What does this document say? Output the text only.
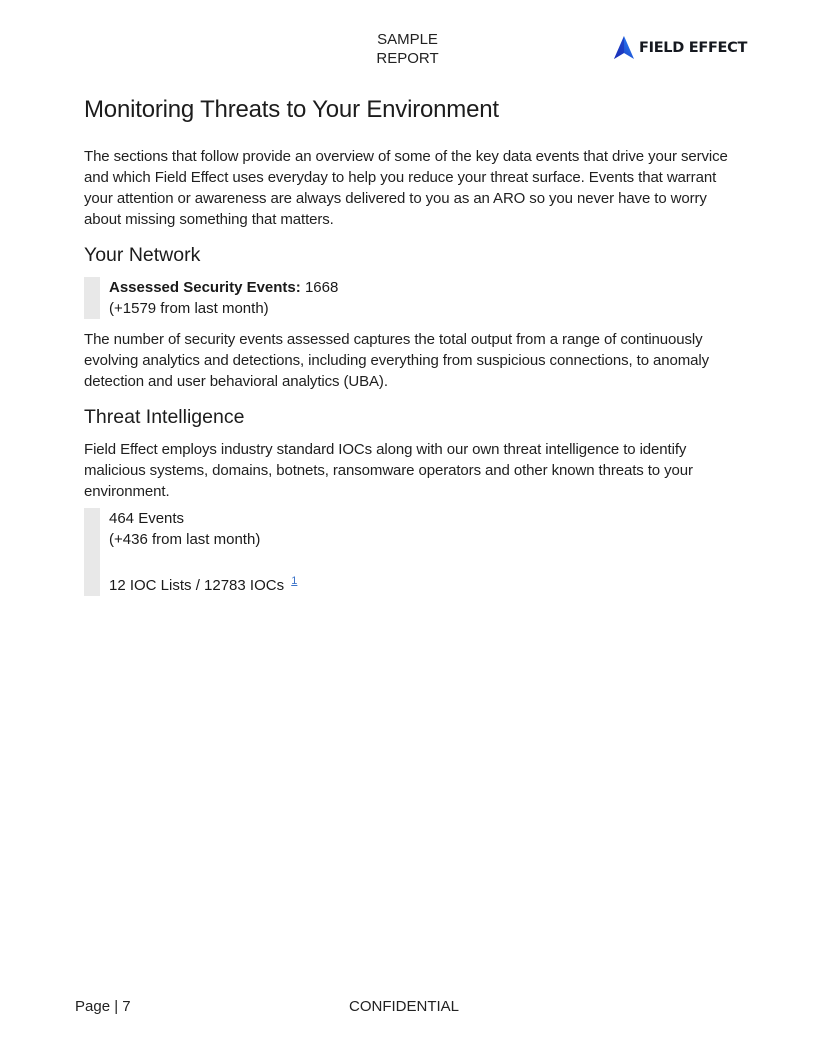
SAMPLE
REPORT
FIELD EFFECT
Monitoring Threats to Your Environment

The sections that follow provide an overview of some of the key data events that drive your service and which Field Effect uses everyday to help you reduce your threat surface. Events that warrant your attention or awareness are always delivered to you as an ARO so you never have to worry about missing something that matters.

Your Network
Assessed Security Events: 1668
(+1579 from last month)

The number of security events assessed captures the total output from a range of continuously evolving analytics and detections, including everything from suspicious connections, to anomaly detection and user behavioral analytics (UBA).

Threat Intelligence

Field Effect employs industry standard IOCs along with our own threat intelligence to identify malicious systems, domains, botnets, ransomware operators and other known threats to your environment.

464 Events
(+436 from last month)
12 IOC Lists / 12783 IOCs $^1$
Page | 7	CONFIDENTIAL
